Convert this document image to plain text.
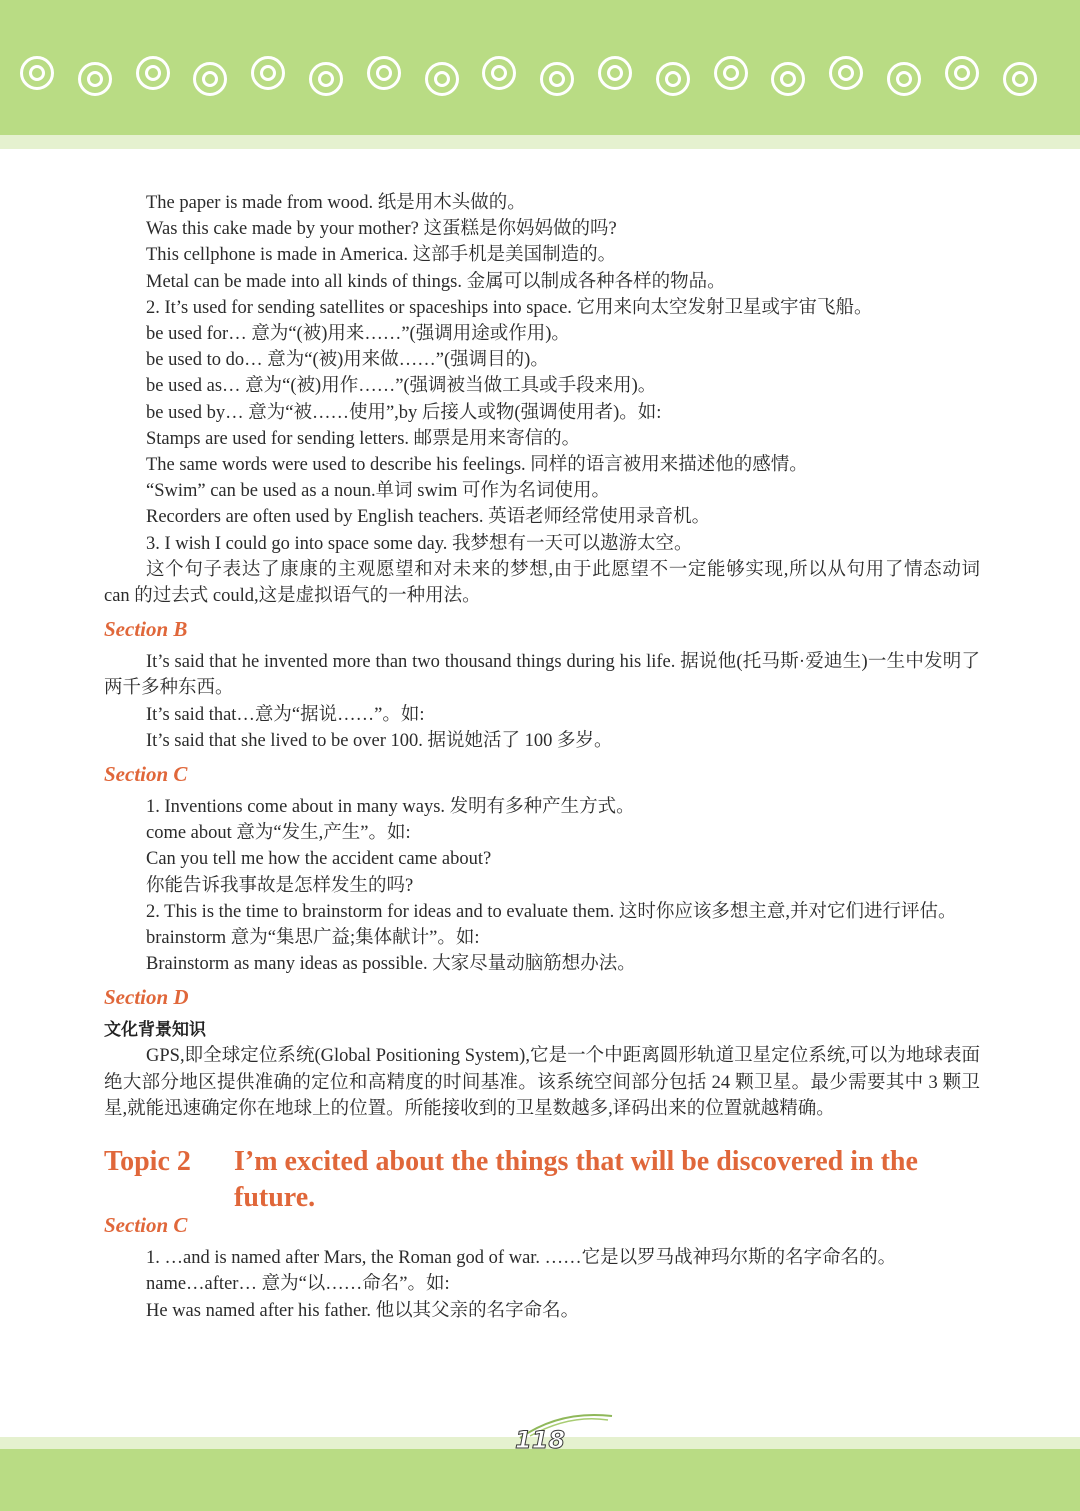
The paper is made from wood. 纸是用木头做的。
Was this cake made by your mother? 这蛋糕是你妈妈做的吗?
This cellphone is made in America. 这部手机是美国制造的。
Metal can be made into all kinds of things. 金属可以制成各种各样的物品。
2. It’s used for sending satellites or spaceships into space. 它用来向太空发射卫星或宇宙飞船。
be used for… 意为“(被)用来……”(强调用途或作用)。
be used to do… 意为“(被)用来做……”(强调目的)。
be used as… 意为“(被)用作……”(强调被当做工具或手段来用)。
be used by… 意为“被……使用”,by 后接人或物(强调使用者)。如:
Stamps are used for sending letters. 邮票是用来寄信的。
The same words were used to describe his feelings. 同样的语言被用来描述他的感情。
“Swim” can be used as a noun.单词 swim 可作为名词使用。
Recorders are often used by English teachers. 英语老师经常使用录音机。
3. I wish I could go into space some day. 我梦想有一天可以遨游太空。
这个句子表达了康康的主观愿望和对未来的梦想,由于此愿望不一定能够实现,所以从句用了情态动词 can 的过去式 could,这是虚拟语气的一种用法。
Section B
It’s said that he invented more than two thousand things during his life. 据说他(托马斯·爱迪生)一生中发明了两千多种东西。
It’s said that…意为“据说……”。如:
It’s said that she lived to be over 100. 据说她活了 100 多岁。
Section C
1. Inventions come about in many ways. 发明有多种产生方式。
come about 意为“发生,产生”。如:
Can you tell me how the accident came about?
你能告诉我事故是怎样发生的吗?
2. This is the time to brainstorm for ideas and to evaluate them. 这时你应该多想主意,并对它们进行评估。
brainstorm 意为“集思广益;集体献计”。如:
Brainstorm as many ideas as possible. 大家尽量动脑筋想办法。
Section D
文化背景知识
GPS,即全球定位系统(Global Positioning System),它是一个中距离圆形轨道卫星定位系统,可以为地球表面绝大部分地区提供准确的定位和高精度的时间基准。该系统空间部分包括 24 颗卫星。最少需要其中 3 颗卫星,就能迅速确定你在地球上的位置。所能接收到的卫星数越多,译码出来的位置就越精确。
Topic 2 I’m excited about the things that will be discovered in the future.
Section C
1. …and is named after Mars, the Roman god of war. ……它是以罗马战神玛尔斯的名字命名的。
name…after… 意为“以……命名”。如:
He was named after his father. 他以其父亲的名字命名。
118
